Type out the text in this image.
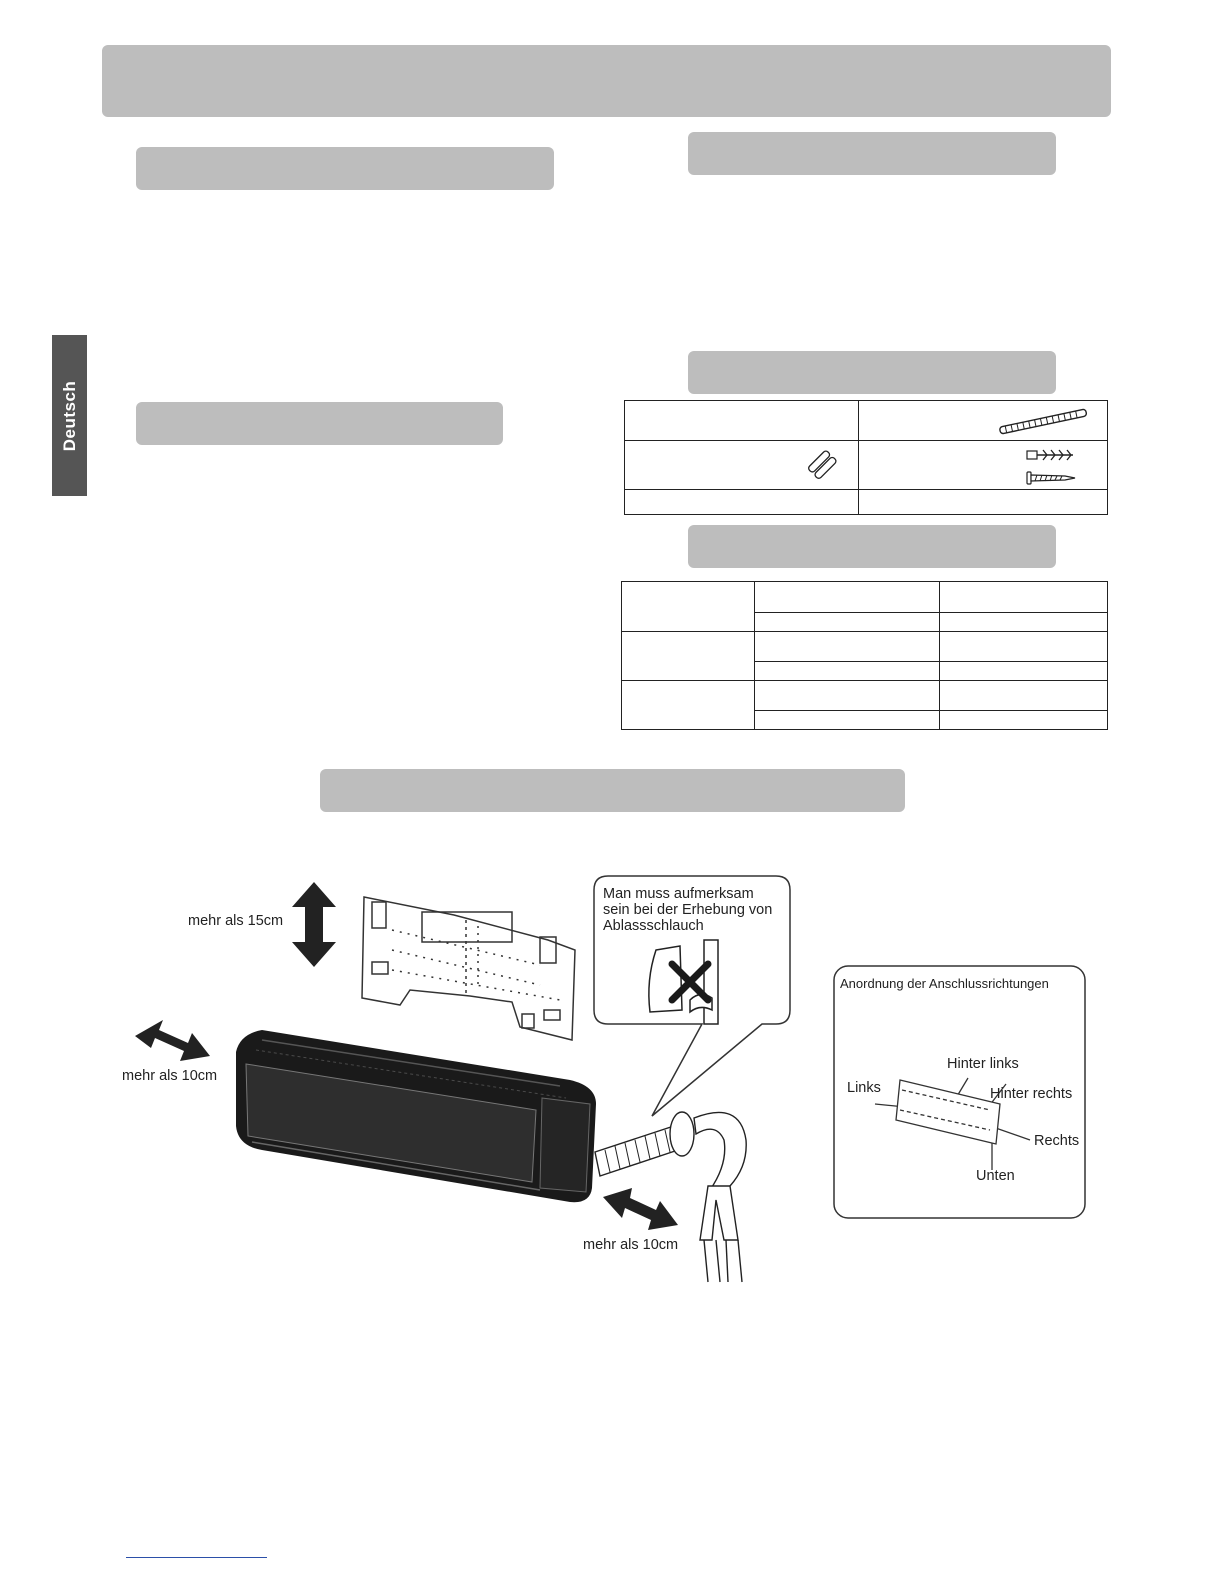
Deutsch

mehr als 15cm
mehr als 10cm
mehr als 10cm
Man muss aufmerksam
sein bei der Erhebung von
Ablassschlauch
Anordnung der Anschlussrichtungen
Hinter links
Links	Hinter rechts
Rechts
Unten
